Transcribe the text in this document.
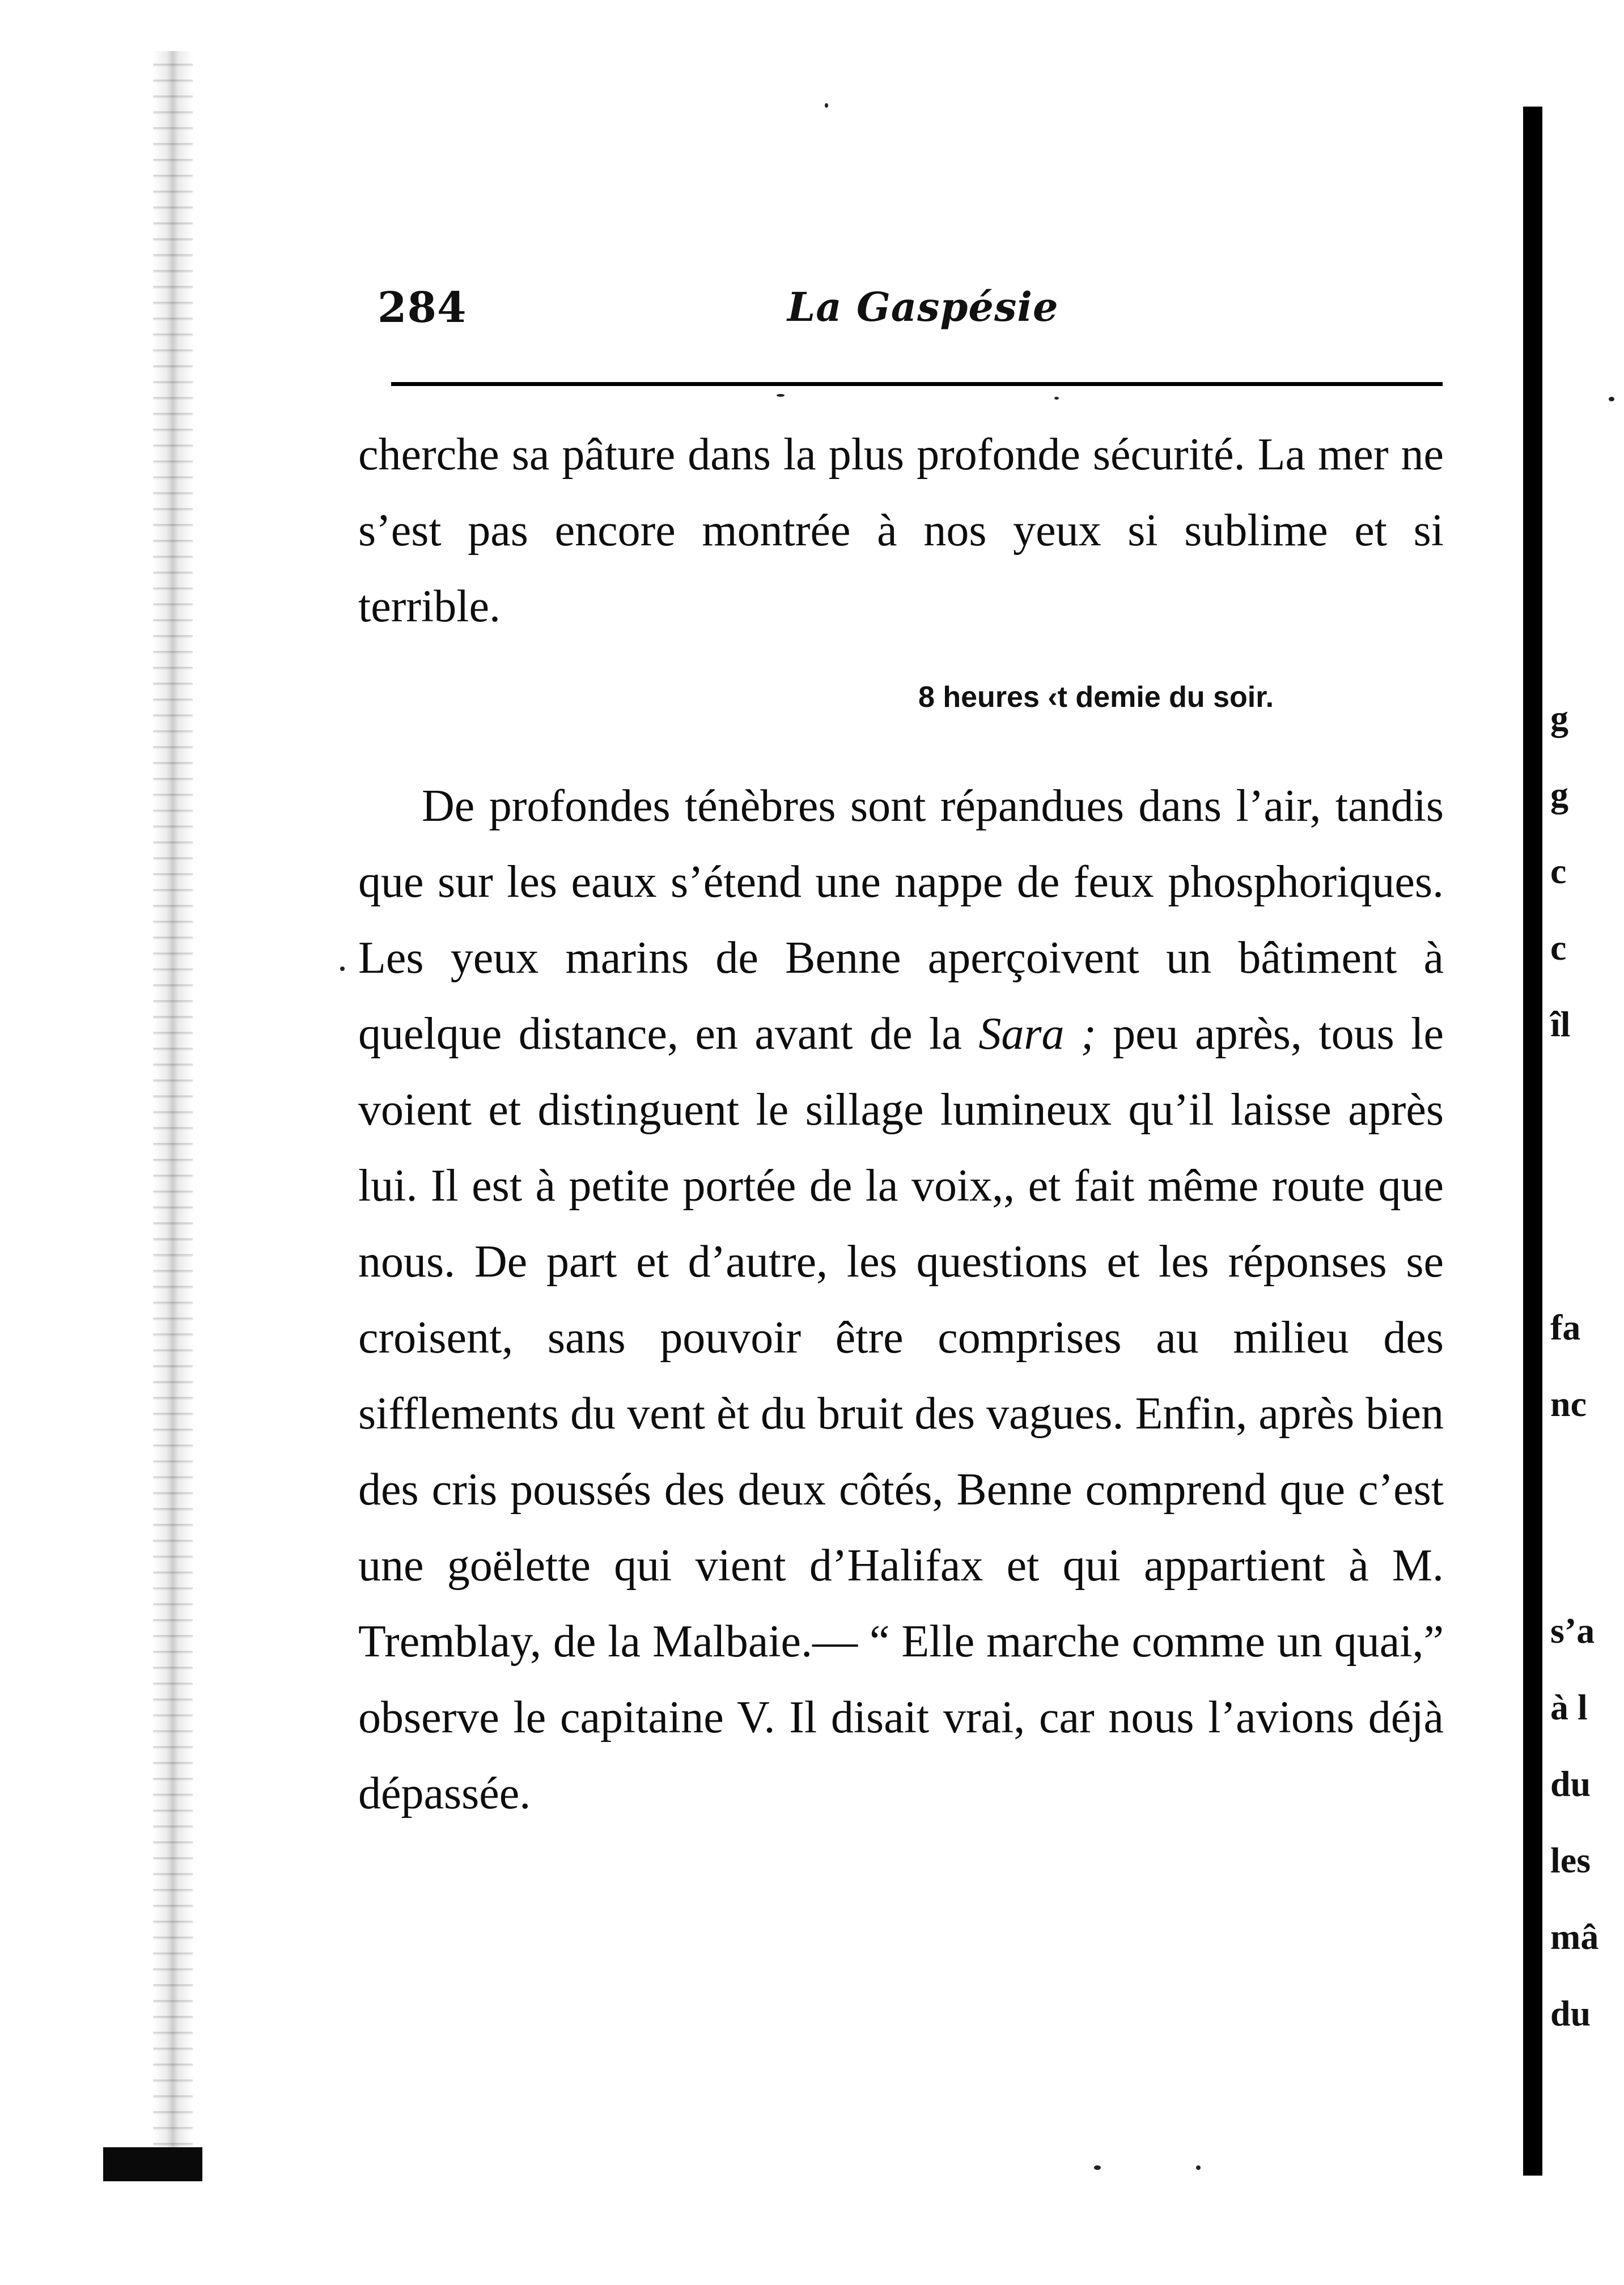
284	La Gaspésie
cherche sa pâture dans la plus profonde sécurité. La mer ne s’est pas encore montrée à nos yeux si sublime et si terrible.
8 heures ‹t demie du soir.
De profondes ténèbres sont répandues dans l’air, tandis que sur les eaux s’étend une nappe de feux phosphoriques. Les yeux marins de Benne aperçoivent un bâtiment à quelque distance, en avant de la Sara ; peu après, tous le voient et distinguent le sillage lumineux qu’il laisse après lui. Il est à petite portée de la voix,, et fait même route que nous. De part et d’autre, les questions et les réponses se croisent, sans pouvoir être comprises au milieu des sifflements du vent èt du bruit des vagues. Enfin, après bien des cris poussés des deux côtés, Benne comprend que c’est une goëlette qui vient d’Halifax et qui appartient à M. Tremblay, de la Malbaie.— “ Elle marche comme un quai,” observe le capitaine V. Il disait vrai, car nous l’avions déjà dépassée.
g
g
c
c
îl
fa
nc
s’a
à l
du
les
mâ
du
